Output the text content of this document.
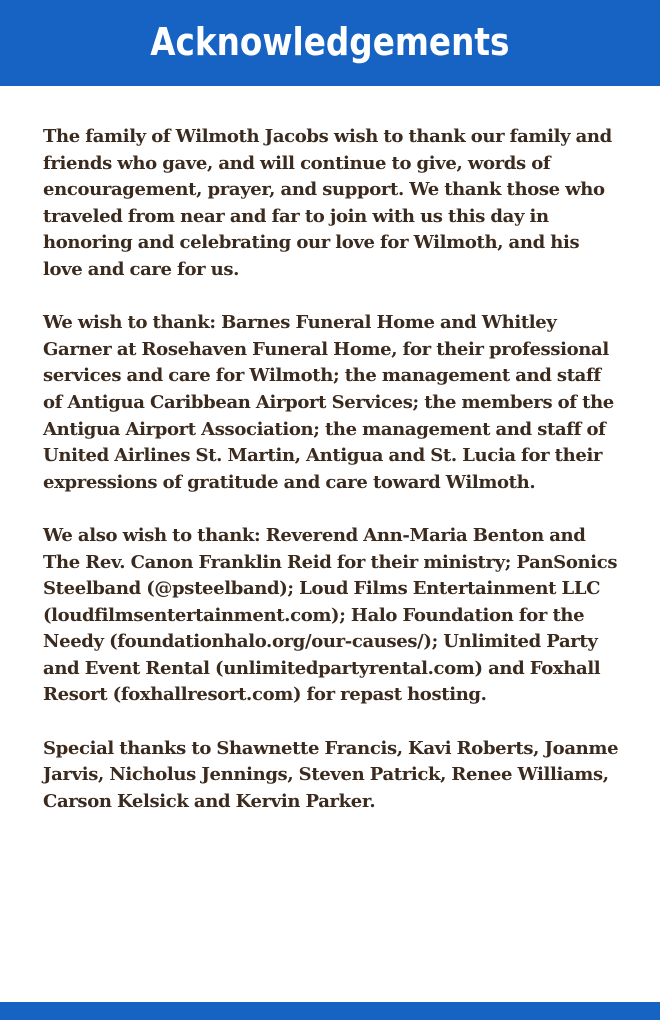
Acknowledgements

The family of Wilmoth Jacobs wish to thank our family and friends who gave, and will continue to give, words of encouragement, prayer, and support. We thank those who traveled from near and far to join with us this day in honoring and celebrating our love for Wilmoth, and his love and care for us.

We wish to thank: Barnes Funeral Home and Whitley Garner at Rosehaven Funeral Home, for their professional services and care for Wilmoth; the management and staff of Antigua Caribbean Airport Services; the members of the Antigua Airport Association; the management and staff of United Airlines St. Martin, Antigua and St. Lucia for their expressions of gratitude and care toward Wilmoth.

We also wish to thank: Reverend Ann-Maria Benton and The Rev. Canon Franklin Reid for their ministry; PanSonics Steelband (@psteelband); Loud Films Entertainment LLC (loudfilmsentertainment.com); Halo Foundation for the Needy (foundationhalo.org/our-causes/); Unlimited Party and Event Rental (unlimitedpartyrental.com) and Foxhall Resort (foxhallresort.com) for repast hosting.

Special thanks to Shawnette Francis, Kavi Roberts, Joanme Jarvis, Nicholus Jennings, Steven Patrick, Renee Williams, Carson Kelsick and Kervin Parker.
